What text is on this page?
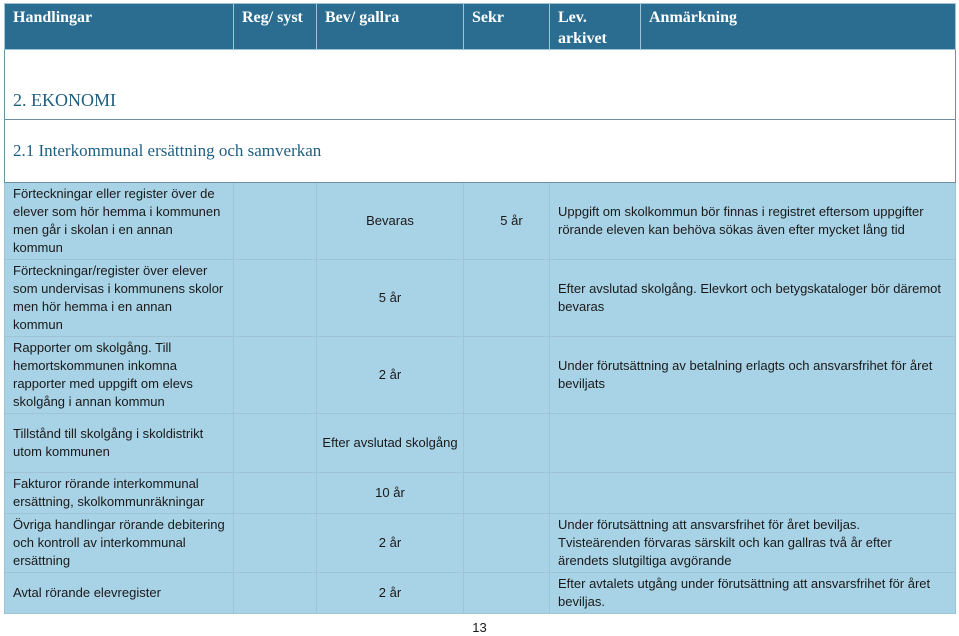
Handlingar	Reg/ syst	Bev/ gallra	Sekr	Lev. arkivet	Anmärkning
2. EKONOMI					
2.1 Interkommunal ersättning och samverkan					
Förteckningar eller register över de elever som hör hemma i kommunen men går i skolan i en annan kommun		Bevaras	5 år	Uppgift om skolkommun bör finnas i registret eftersom uppgifter rörande eleven kan behöva sökas även efter mycket lång tid	
Förteckningar/register över elever som undervisas i kommunens skolor men hör hemma i en annan kommun		5 år		Efter avslutad skolgång. Elevkort och betygskataloger bör däremot bevaras	
Rapporter om skolgång. Till hemortskommunen inkomna rapporter med uppgift om elevs skolgång i annan kommun		2 år		Under förutsättning av betalning erlagts och ansvarsfrihet för året beviljats	
Tillstånd till skolgång i skoldistrikt utom kommunen		Efter avslutad skolgång			
Fakturor rörande interkommunal ersättning, skolkommunräkningar		10 år			
Övriga handlingar rörande debitering och kontroll av interkommunal ersättning		2 år		Under förutsättning att ansvarsfrihet för året beviljas. Tvisteärenden förvaras särskilt och kan gallras två år efter ärendets slutgiltiga avgörande	
Avtal rörande elevregister		2 år		Efter avtalets utgång under förutsättning att ansvarsfrihet för året beviljas.	
13
